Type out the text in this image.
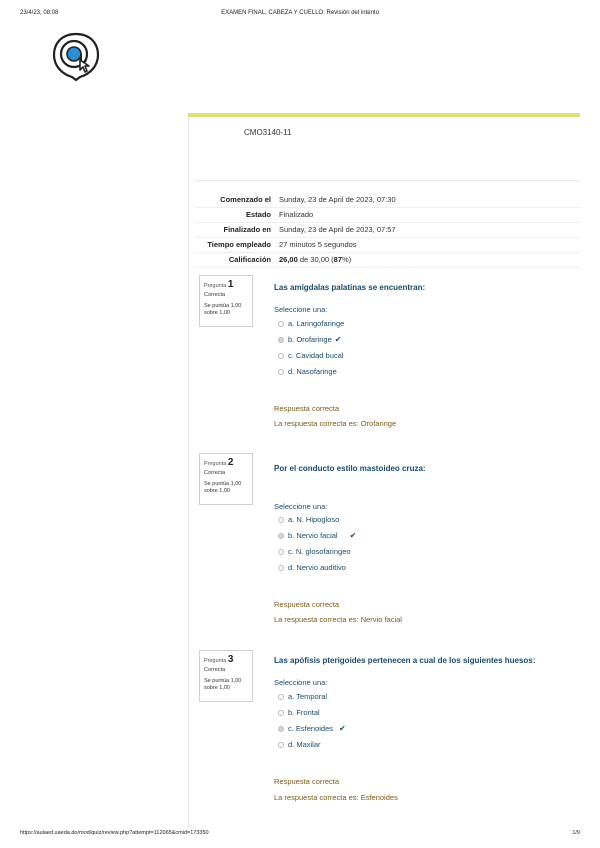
23/4/23, 08:08	EXAMEN FINAL, CABEZA Y CUELLO: Revisión del intento
CMO3140-11
Comenzado el	Sunday, 23 de April de 2023, 07:30
Estado	Finalizado
Finalizado en	Sunday, 23 de April de 2023, 07:57
Tiempo empleado	27 minutos 5 segundos
Calificación	26,00 de 30,00 (87%)
Pregunta 1
Correcta
Se puntúa 1,00 sobre 1,00
Las amígdalas palatinas se encuentran:
Seleccione una:
a. Laringofaringe
b. Orofaringe ✔
c. Cavidad bucal
d. Nasofaringe
Respuesta correcta
La respuesta correcta es: Orofaringe
Pregunta 2
Correcta
Se puntúa 1,00 sobre 1,00
Por el conducto estilo mastoideo cruza:
Seleccione una:
a. N. Hipogloso
b. Nervio facial ✔
c. N. glosofaringeo
d. Nervio auditivo
Respuesta correcta
La respuesta correcta es: Nervio facial
Pregunta 3
Correcta
Se puntúa 1,00 sobre 1,00
Las apófisis pterigoides pertenecen a cual de los siguientes huesos:
Seleccione una:
a. Temporal
b. Frontal
c. Esfenoides ✔
d. Maxilar
Respuesta correcta
La respuesta correcta es: Esfenoides
https://aulaed.uaeda.do/mod/quiz/review.php?attempt=112065&cmid=173350	1/9
